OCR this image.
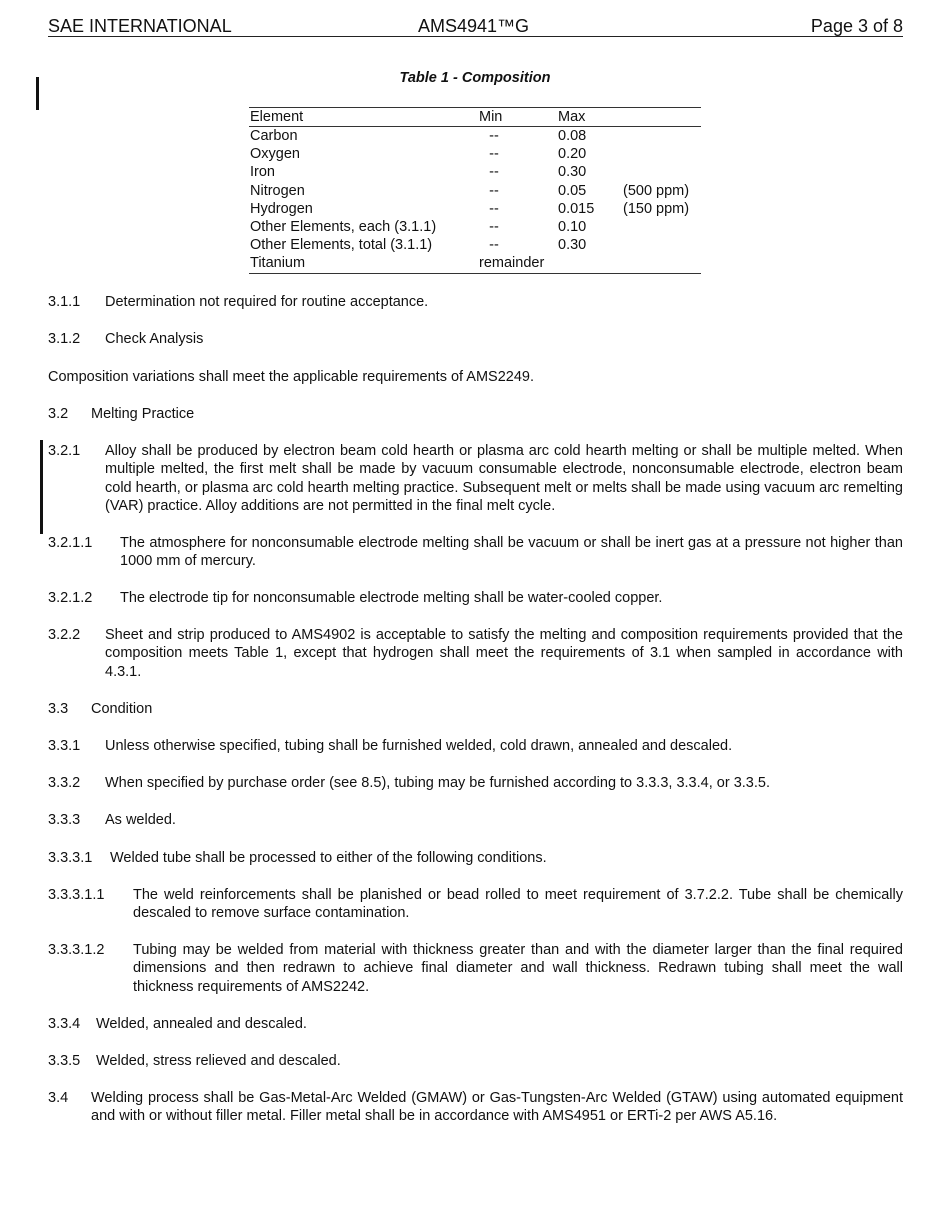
SAE INTERNATIONAL	AMS4941™G	Page 3 of 8
Table 1 - Composition
Element	Min	Max
Carbon	--	0.08
Oxygen	--	0.20
Iron	--	0.30
Nitrogen	--	0.05	(500 ppm)
Hydrogen	--	0.015 (150 ppm)
Other Elements, each (3.1.1)	--	0.10
Other Elements, total (3.1.1)	--	0.30
Titanium	remainder
3.1.1	Determination not required for routine acceptance.
3.1.2	Check Analysis
Composition variations shall meet the applicable requirements of AMS2249.
3.2	Melting Practice
3.2.1	Alloy shall be produced by electron beam cold hearth or plasma arc cold hearth melting or shall be multiple melted. When multiple melted, the first melt shall be made by vacuum consumable electrode, nonconsumable electrode, electron beam cold hearth, or plasma arc cold hearth melting practice. Subsequent melt or melts shall be made using vacuum arc remelting (VAR) practice. Alloy additions are not permitted in the final melt cycle.
3.2.1.1	The atmosphere for nonconsumable electrode melting shall be vacuum or shall be inert gas at a pressure not higher than 1000 mm of mercury.
3.2.1.2	The electrode tip for nonconsumable electrode melting shall be water-cooled copper.
3.2.2	Sheet and strip produced to AMS4902 is acceptable to satisfy the melting and composition requirements provided that the composition meets Table 1, except that hydrogen shall meet the requirements of 3.1 when sampled in accordance with 4.3.1.
3.3	Condition
3.3.1	Unless otherwise specified, tubing shall be furnished welded, cold drawn, annealed and descaled.
3.3.2	When specified by purchase order (see 8.5), tubing may be furnished according to 3.3.3, 3.3.4, or 3.3.5.
3.3.3	As welded.
3.3.3.1	Welded tube shall be processed to either of the following conditions.
3.3.3.1.1	The weld reinforcements shall be planished or bead rolled to meet requirement of 3.7.2.2. Tube shall be chemically descaled to remove surface contamination.
3.3.3.1.2	Tubing may be welded from material with thickness greater than and with the diameter larger than the final required dimensions and then redrawn to achieve final diameter and wall thickness. Redrawn tubing shall meet the wall thickness requirements of AMS2242.
3.3.4	Welded, annealed and descaled.
3.3.5	Welded, stress relieved and descaled.
3.4	Welding process shall be Gas-Metal-Arc Welded (GMAW) or Gas-Tungsten-Arc Welded (GTAW) using automated equipment and with or without filler metal. Filler metal shall be in accordance with AMS4951 or ERTi-2 per AWS A5.16.
